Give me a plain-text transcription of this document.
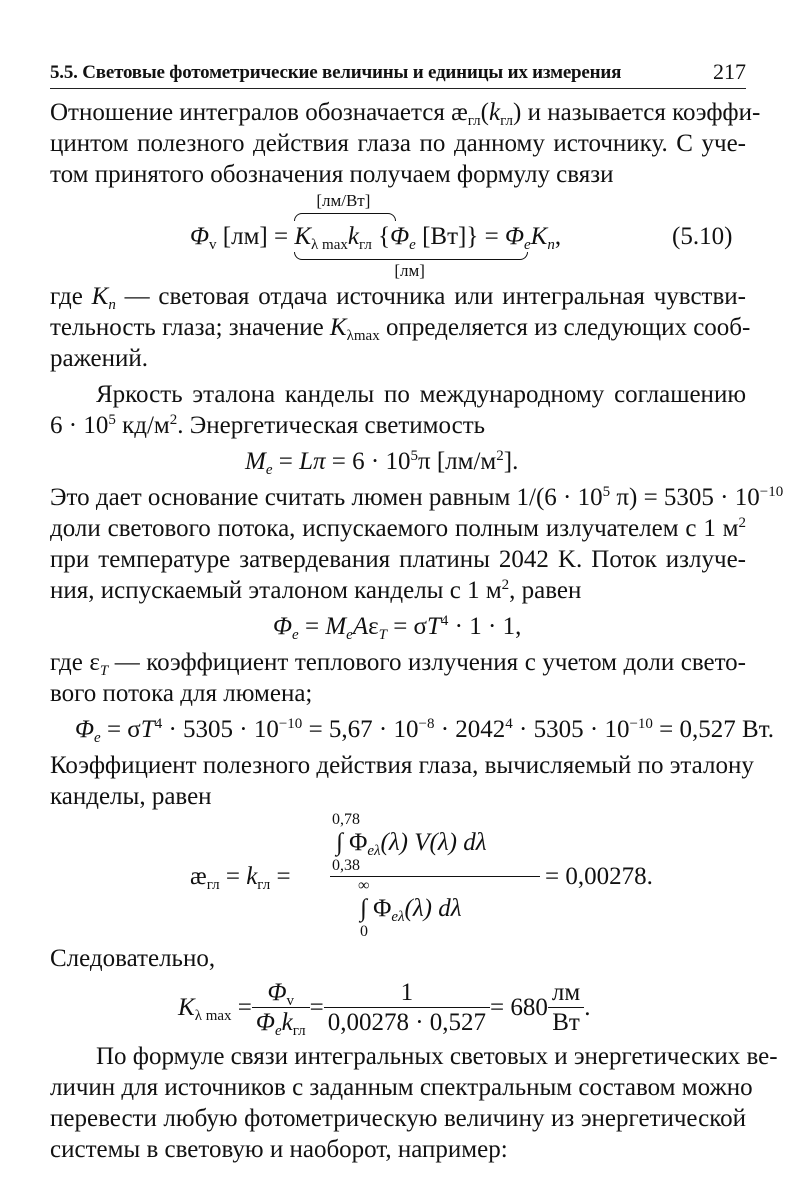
5.5. Световые фотометрические величины и единицы их измерения	217
Отношение интегралов обозначается $æ_{гл}(k_{гл})$ и называется коэффи-
цинтом полезного действия глаза по данному источнику. С уче-
том принятого обозначения получаем формулу связи
$\Phi_v$ [лм] =
[лм/Вт]
[лм]
$K_{\lambda max}k_{гл}$ {$\Phi_e$ $[Вт]\} = \Phi_eK_n$,	(5.10)
где $K_n$ — световая отдача источника или интегральная чувстви-
тельность глаза; значение $K_{\lambda max}$ определяется из следующих сооб-
ражений.
Яркость эталона канделы по международному соглашению
$6 \cdot 10^5$ $кд/м^2$. Энергетическая светимость
$M_e = L\pi = 6 \cdot 10^5\pi$ $[лм/м^2]$.
Это дает основание считать люмен равным $1/(6 \cdot 10^5$ $\pi) = 5305 \cdot 10^{-10}$
доли светового потока, испускаемого полным излучателем с 1 $м^2$
при температуре затвердевания платины 2042 K. Поток излуче-
ния, испускаемый эталоном канделы с 1 $м^2$, равен
$\Phi_e = M_eA\varepsilon_T = \sigma T^4 \cdot 1 \cdot 1$,
где $\varepsilon_T$ — коэффициент теплового излучения с учетом доли свето-
вого потока для люмена;
$\Phi_e = \sigma T^4 \cdot 5305 \cdot 10^{-10} = 5,67 \cdot 10^{-8} \cdot 2042^4 \cdot 5305 \cdot 10^{-10} = 0,527$ Вт.
Коэффициент полезного действия глаза, вычисляемый по эталону
канделы, равен
$æ_{гл} = k_{гл}$ =
0,78
∫ $\Phi_{e\lambda}(\lambda)$ V(λ) dλ
0,38
∞
∫ $\Phi_{e\lambda}(\lambda)$ dλ
0
= 0,00278.
Следовательно,
$K_{\lambda max} = \frac{\Phi_v}{\Phi_ek_{гл}} = \frac{1}{0,00278 \cdot 0,527} = 680 \frac{лм}{Вт}$ .
По формуле связи интегральных световых и энергетических ве-
личин для источников с заданным спектральным составом можно
перевести любую фотометрическую величину из энергетической
системы в световую и наоборот, например:
